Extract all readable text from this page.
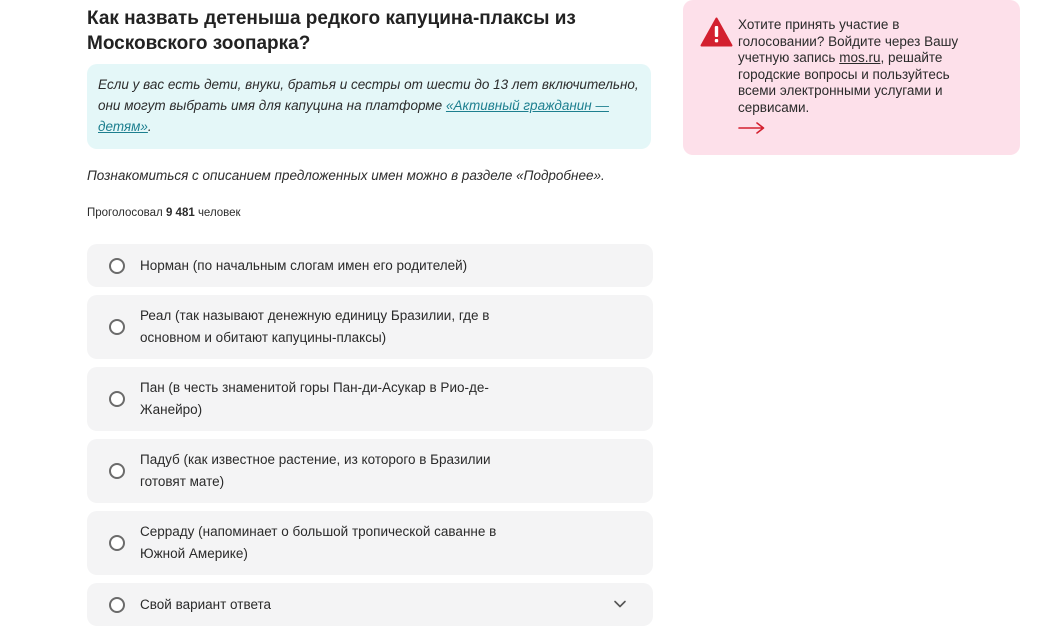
Как назвать детеныша редкого капуцина-плаксы из Московского зоопарка?
Если у вас есть дети, внуки, братья и сестры от шести до 13 лет включительно, они могут выбрать имя для капуцина на платформе «Активный гражданин — детям».
Познакомиться с описанием предложенных имен можно в разделе «Подробнее».
Проголосовал 9 481 человек
Норман (по начальным слогам имен его родителей)
Реал (так называют денежную единицу Бразилии, где в основном и обитают капуцины-плаксы)
Пан (в честь знаменитой горы Пан-ди-Асукар в Рио-де-Жанейро)
Падуб (как известное растение, из которого в Бразилии готовят мате)
Серраду (напоминает о большой тропической саванне в Южной Америке)
Свой вариант ответа
Хотите принять участие в голосовании? Войдите через Вашу учетную запись mos.ru, решайте городские вопросы и пользуйтесь всеми электронными услугами и сервисами.
